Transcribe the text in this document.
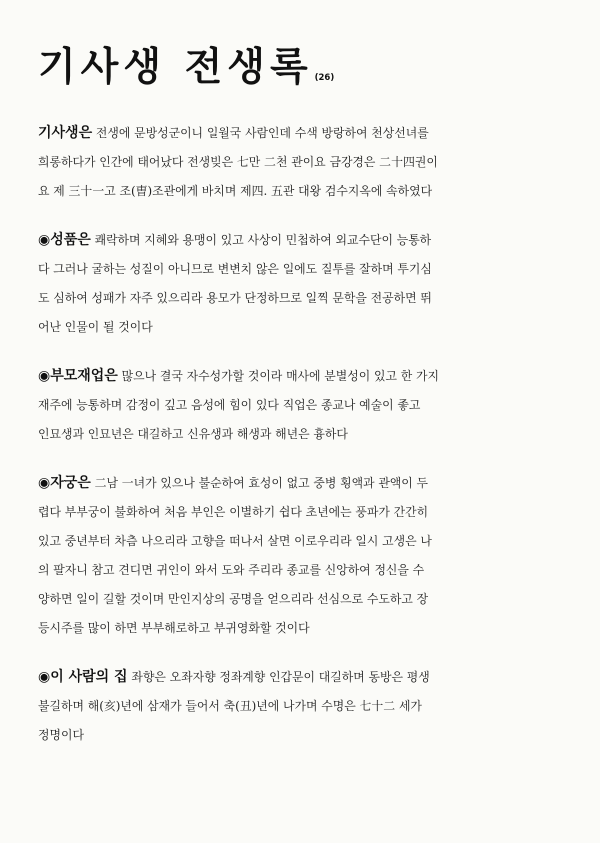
기사생 전생록 (26)

기사생은 전생에 문방성군이니 일월국 사람인데 수색 방랑하여 천상선녀를
희롱하다가 인간에 태어났다 전생빚은 七만 二천 관이요 금강경은 二十四권이
요 제 三十一고 조(曺)조관에게 바치며 제四. 五관 대왕 검수지옥에 속하였다

◉성품은 쾌락하며 지혜와 용맹이 있고 사상이 민첩하여 외교수단이 능통하
다 그러나 굴하는 성질이 아니므로 변변치 않은 일에도 질투를 잘하며 투기심
도 심하여 성패가 자주 있으리라 용모가 단정하므로 일찍 문학을 전공하면 뛰
어난 인물이 될 것이다

◉부모재업은 많으나 결국 자수성가할 것이라 매사에 분별성이 있고 한 가지
재주에 능통하며 감정이 깊고 음성에 힘이 있다 직업은 종교나 예술이 좋고
인묘생과 인묘년은 대길하고 신유생과 해생과 해년은 흉하다

◉자궁은 二남 一녀가 있으나 불순하여 효성이 없고 중병 횡액과 관액이 두
렵다 부부궁이 불화하여 처음 부인은 이별하기 쉽다 초년에는 풍파가 간간히
있고 중년부터 차츰 나으리라 고향을 떠나서 살면 이로우리라 일시 고생은 나
의 팔자니 참고 견디면 귀인이 와서 도와 주리라 종교를 신앙하여 정신을 수
양하면 일이 길할 것이며 만인지상의 공명을 얻으리라 선심으로 수도하고 장
등시주를 많이 하면 부부해로하고 부귀영화할 것이다

◉이 사람의 집 좌향은 오좌자향 정좌계향 인갑문이 대길하며 동방은 평생
불길하며 해(亥)년에 삼재가 들어서 축(丑)년에 나가며 수명은 七十二 세가
정명이다
